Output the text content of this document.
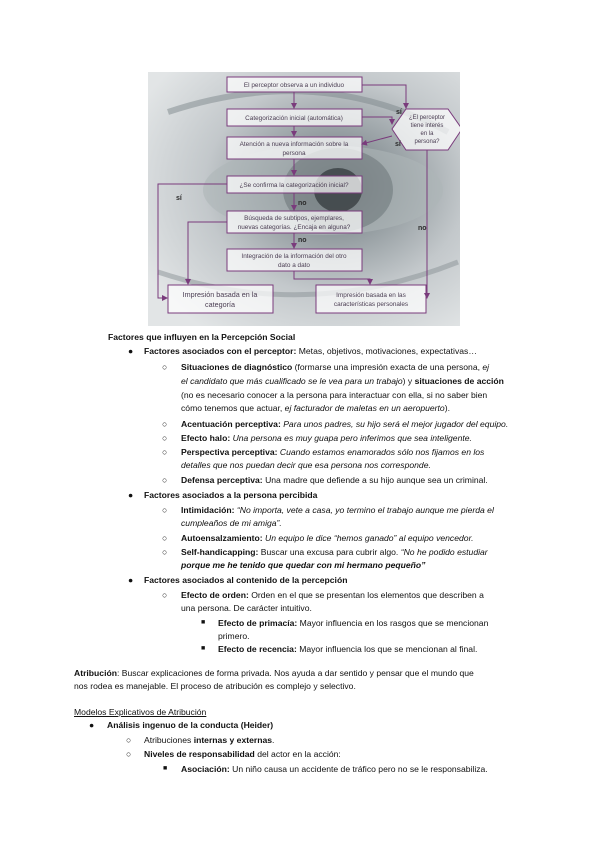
El perceptor observa a un individuo
Categorización inicial (automática)
Atención a nueva información sobre la
persona
¿Se confirma la categorización inicial?
Búsqueda de subtipos, ejemplares,
nuevas categorías. ¿Encaja en alguna?
Integración de la información del otro
dato a dato
Impresión basada en la
categoría
Impresión basada en las
características personales
¿El perceptor
tiene interés
en la
persona?
sí
sí
sí
no
no
no
Factores que influyen en la Percepción Social
● Factores asociados con el perceptor: Metas, objetivos, motivaciones, expectativas…
○ Situaciones de diagnóstico (formarse una impresión exacta de una persona, ej
el candidato que más cualificado se le vea para un trabajo) y situaciones de acción
(no es necesario conocer a la persona para interactuar con ella, si no saber bien
cómo tenemos que actuar, ej facturador de maletas en un aeropuerto).
○ Acentuación perceptiva: Para unos padres, su hijo será el mejor jugador del equipo.
○ Efecto halo: Una persona es muy guapa pero inferimos que sea inteligente.
○ Perspectiva perceptiva: Cuando estamos enamorados sólo nos fijamos en los
detalles que nos puedan decir que esa persona nos corresponde.
○ Defensa perceptiva: Una madre que defiende a su hijo aunque sea un criminal.
● Factores asociados a la persona percibida
○ Intimidación: “No importa, vete a casa, yo termino el trabajo aunque me pierda el
cumpleaños de mi amiga”.
○ Autoensalzamiento: Un equipo le dice “hemos ganado” al equipo vencedor.
○ Self-handicapping: Buscar una excusa para cubrir algo. “No he podido estudiar
porque me he tenido que quedar con mi hermano pequeño”
● Factores asociados al contenido de la percepción
○ Efecto de orden: Orden en el que se presentan los elementos que describen a
una persona. De carácter intuitivo.
■ Efecto de primacía: Mayor influencia en los rasgos que se mencionan
primero.
■ Efecto de recencia: Mayor influencia los que se mencionan al final.
Atribución: Buscar explicaciones de forma privada. Nos ayuda a dar sentido y pensar que el mundo que
nos rodea es manejable. El proceso de atribución es complejo y selectivo.
Modelos Explicativos de Atribución
● Análisis ingenuo de la conducta (Heider)
○ Atribuciones internas y externas.
○ Niveles de responsabilidad del actor en la acción:
■ Asociación: Un niño causa un accidente de tráfico pero no se le responsabiliza.
